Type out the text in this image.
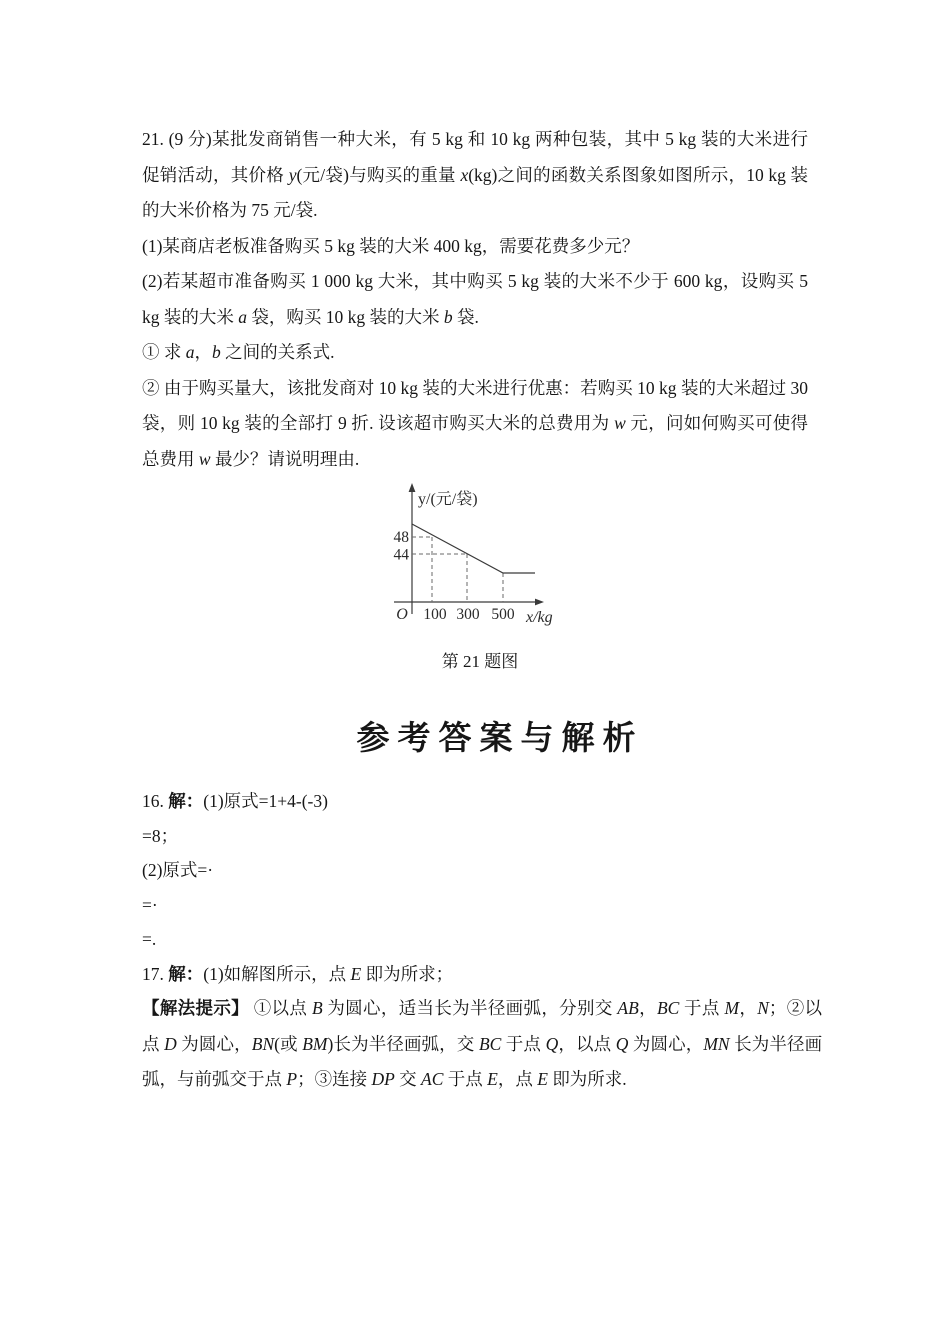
21. (9 分)某批发商销售一种大米，有 5 kg 和 10 kg 两种包装，其中 5 kg 装的大米进行促销活动，其价格 y(元/袋)与购买的重量 x(kg)之间的函数关系图象如图所示，10 kg 装的大米价格为 75 元/袋.

(1)某商店老板准备购买 5 kg 装的大米 400 kg，需要花费多少元？

(2)若某超市准备购买 1 000 kg 大米，其中购买 5 kg 装的大米不少于 600 kg，设购买 5 kg 装的大米 a 袋，购买 10 kg 装的大米 b 袋.

① 求 a，b 之间的关系式.

② 由于购买量大，该批发商对 10 kg 装的大米进行优惠：若购买 10 kg 装的大米超过 30 袋，则 10 kg 装的全部打 9 折. 设该超市购买大米的总费用为 w 元，问如何购买可使得总费用 w 最少？请说明理由.

y/(元/袋)
48
44
O 100 300 500 x/kg
第 21 题图
参考答案与解析

16. 解：(1)原式=1+4-(-3)

=8；

(2)原式=·

=·

=.

17. 解：(1)如解图所示，点 E 即为所求；

【解法提示】 ①以点 B 为圆心，适当长为半径画弧，分别交 AB，BC 于点 M，N；②以点 D 为圆心，BN(或 BM)长为半径画弧，交 BC 于点 Q，以点 Q 为圆心，MN 长为半径画弧，与前弧交于点 P；③连接 DP 交 AC 于点 E，点 E 即为所求.
